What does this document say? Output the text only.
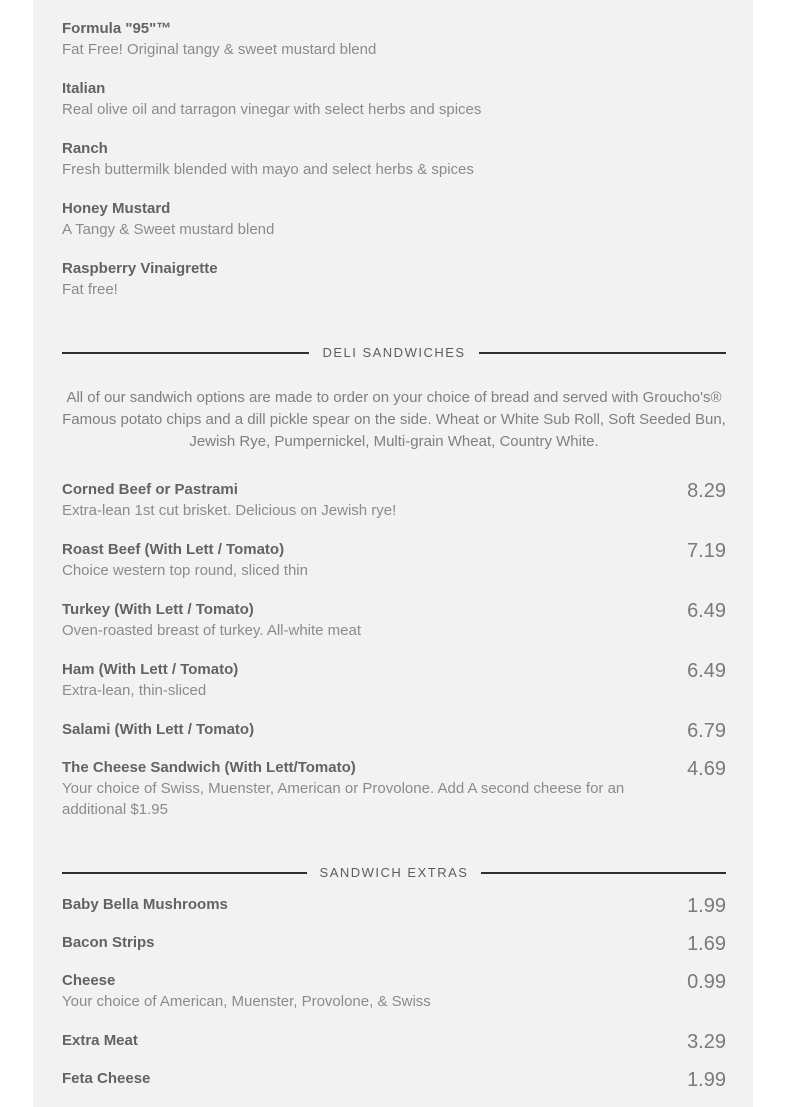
Formula "95"™
Fat Free! Original tangy & sweet mustard blend
Italian
Real olive oil and tarragon vinegar with select herbs and spices
Ranch
Fresh buttermilk blended with mayo and select herbs & spices
Honey Mustard
A Tangy & Sweet mustard blend
Raspberry Vinaigrette
Fat free!
DELI SANDWICHES

All of our sandwich options are made to order on your choice of bread and served with Groucho's® Famous potato chips and a dill pickle spear on the side. Wheat or White Sub Roll, Soft Seeded Bun, Jewish Rye, Pumpernickel, Multi-grain Wheat, Country White.

Corned Beef or Pastrami
Extra-lean 1st cut brisket. Delicious on Jewish rye!
8.29
Roast Beef (With Lett / Tomato)
Choice western top round, sliced thin
7.19
Turkey (With Lett / Tomato)
Oven-roasted breast of turkey. All-white meat
6.49
Ham (With Lett / Tomato)
Extra-lean, thin-sliced
6.49
Salami (With Lett / Tomato)	6.79
The Cheese Sandwich (With Lett/Tomato)
Your choice of Swiss, Muenster, American or Provolone. Add A second cheese for an additional $1.95
4.69
SANDWICH EXTRAS
Baby Bella Mushrooms	1.99
Bacon Strips	1.69
Cheese
Your choice of American, Muenster, Provolone, & Swiss
0.99
Extra Meat	3.29
Feta Cheese	1.99
